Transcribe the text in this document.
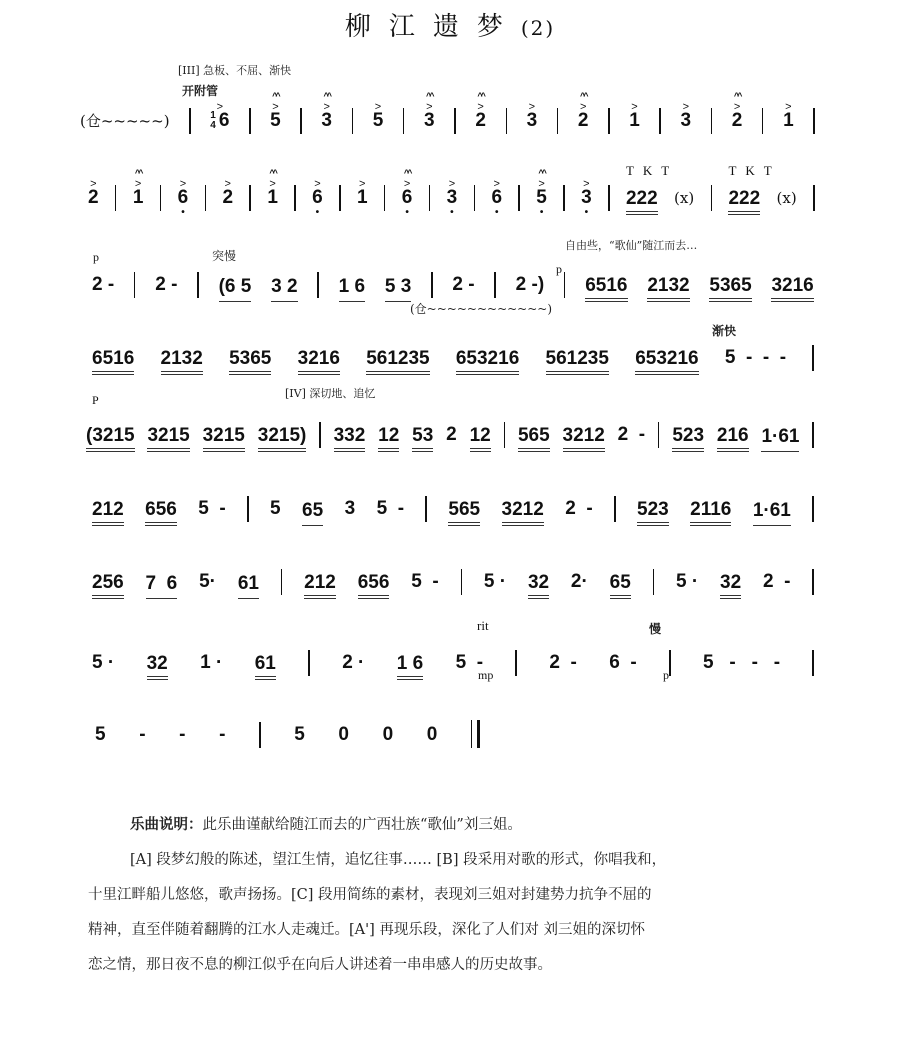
柳江遗梦(2)
[III] 急板、不屈、渐快
开附管
突慢
自由些，“歌仙”随江而去…
(仓~~~~~~~~~~~~)
渐快
[IV] 深切地、追忆
rit	慢
mp	p
p
p
P
(仓~~~~~)	1
4 6
>
5
>
^^
3
>
^^
5
>
3
>
^^
2
>
^^
3
>
2
>
^^
1
>
3
>
2
>
^^
1
>
2
>
1
>
^^
6
>
•
2
>
1
>
^^
6
>
•
1
>
6
>
^^
•
3
>
•
6
>
•
5
>
^^
•
3
>
•
222
T K T
(x) 222
T K T
(x)
2 - 2 - (6 5 3 2 1 6 5 3 2 - 2 -) 6516 2132 5365 3216
6516 2132 5365 3216 561235 653216 561235 653216 5  -  -  -
(3215 3215 3215 3215) 332 12 53 2 12 565 3212 2  - 523 216 1·61
212 656 5  - 5 65 3 5  - 565 3212 2  - 523 2116 1·61
256 7  6 5· 61 212 656 5  - 5 · 32 2· 65 5 · 32 2  -
5 · 32 1 · 61	2 · 1 6 5  -	2  - 6  -	5   -   -   -
5 - - -	5 0 0 0

乐曲说明：此乐曲谨献给随江而去的广西壮族“歌仙”刘三姐。

[A] 段梦幻般的陈述，望江生情，追忆往事…… [B] 段采用对歌的形式，你唱我和，

十里江畔船儿悠悠，歌声扬扬。[C] 段用简练的素材，表现刘三姐对封建势力抗争不屈的

精神，直至伴随着翻腾的江水人走魂迁。[A'] 再现乐段，深化了人们对 刘三姐的深切怀

恋之情，那日夜不息的柳江似乎在向后人讲述着一串串感人的历史故事。
